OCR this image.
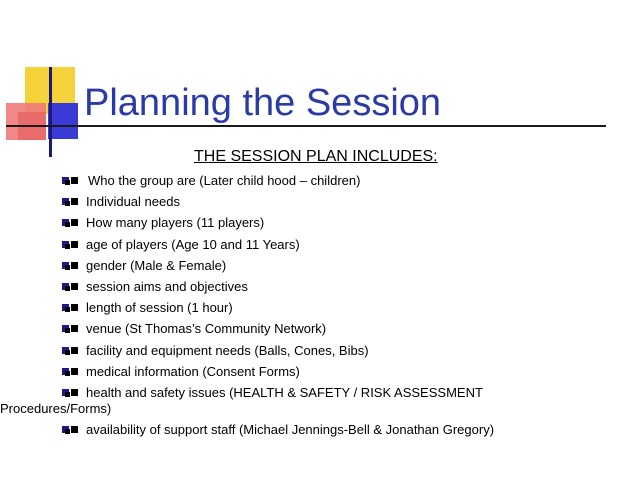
Planning the Session
THE SESSION PLAN INCLUDES:
Who the group are (Later child hood – children)
Individual needs
How many players (11 players)
age of players (Age 10 and 11 Years)
gender (Male & Female)
session aims and objectives
length of session (1 hour)
venue (St Thomas’s Community Network)
facility and equipment needs (Balls, Cones, Bibs)
medical information (Consent Forms)
health and safety issues (HEALTH & SAFETY / RISK ASSESSMENT
Procedures/Forms)
availability of support staff (Michael Jennings-Bell & Jonathan Gregory)
